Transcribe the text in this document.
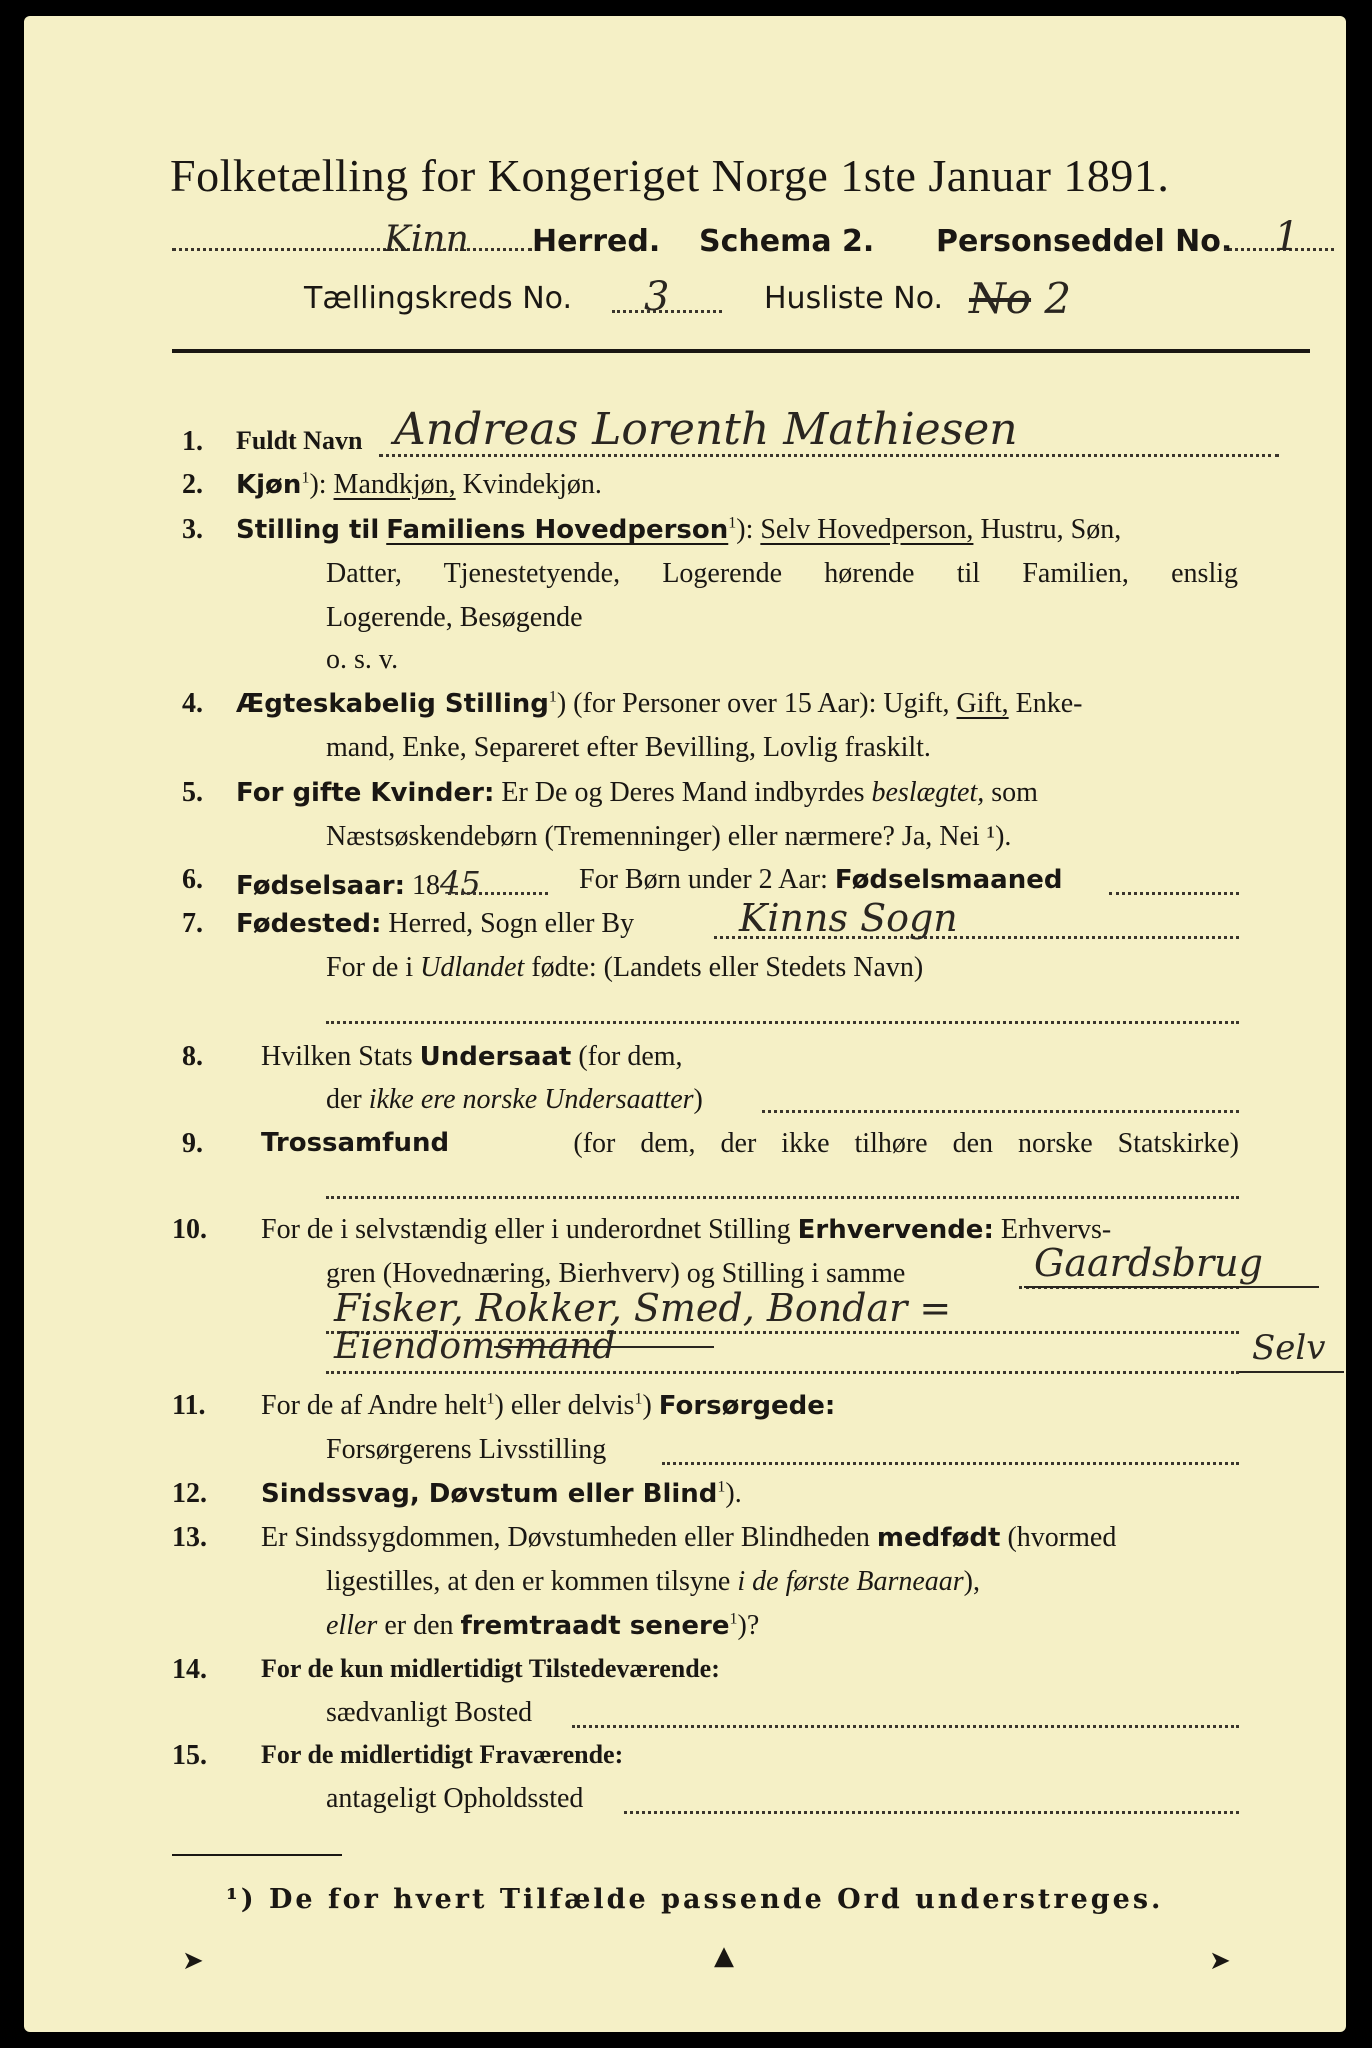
Folketælling for Kongeriget Norge 1ste Januar 1891.
Kinn Herred. Schema 2. Personseddel No. 1
Tællingskreds No. 3	Husliste No. No 2
1. Fuldt Navn Andreas Lorenth Mathiesen
2. Kjøn$^1$): Mandkjøn, Kvindekjøn.
3. Stilling til Familiens Hovedperson$^1$): Selv Hovedperson, Hustru, Søn,
Datter, Tjenestetyende, Logerende hørende til Familien, enslig
Logerende, Besøgende
o. s. v.
4. Ægteskabelig Stilling$^1$) (for Personer over 15 Aar): Ugift, Gift, Enke-
mand, Enke, Separeret efter Bevilling, Lovlig fraskilt.
5. For gifte Kvinder: Er De og Deres Mand indbyrdes beslægtet, som
Næstsøskendebørn (Tremenninger) eller nærmere? Ja, Nei ¹).
6. Fødselsaar: 1845	For Børn under 2 Aar: Fødselsmaaned
7. Fødested: Herred, Sogn eller By	Kinns Sogn
For de i Udlandet fødte: (Landets eller Stedets Navn)
8. Hvilken Stats Undersaat (for dem,
der ikke ere norske Undersaatter)
9. Trossamfund	(for dem, der ikke tilhøre den norske Statskirke)
10. For de i selvstændig eller i underordnet Stilling Erhvervende: Erhvervs-
gren (Hovednæring, Bierhverv) og Stilling i samme	Gaardsbrug
Fisker, Rokker, Smed, Bondar =
Eiendomsmand	Selv
11. For de af Andre helt$^1$) eller delvis$^1$) Forsørgede:
Forsørgerens Livsstilling
12. Sindssvag, Døvstum eller Blind$^1$).
13. Er Sindssygdommen, Døvstumheden eller Blindheden medfødt (hvormed
ligestilles, at den er kommen tilsyne i de første Barneaar),
eller er den fremtraadt senere$^1$)?
14. For de kun midlertidigt Tilstedeværende:
sædvanligt Bosted
15. For de midlertidigt Fraværende:
antageligt Opholdssted
¹) De for hvert Tilfælde passende Ord understreges.
➤	▲	➤
